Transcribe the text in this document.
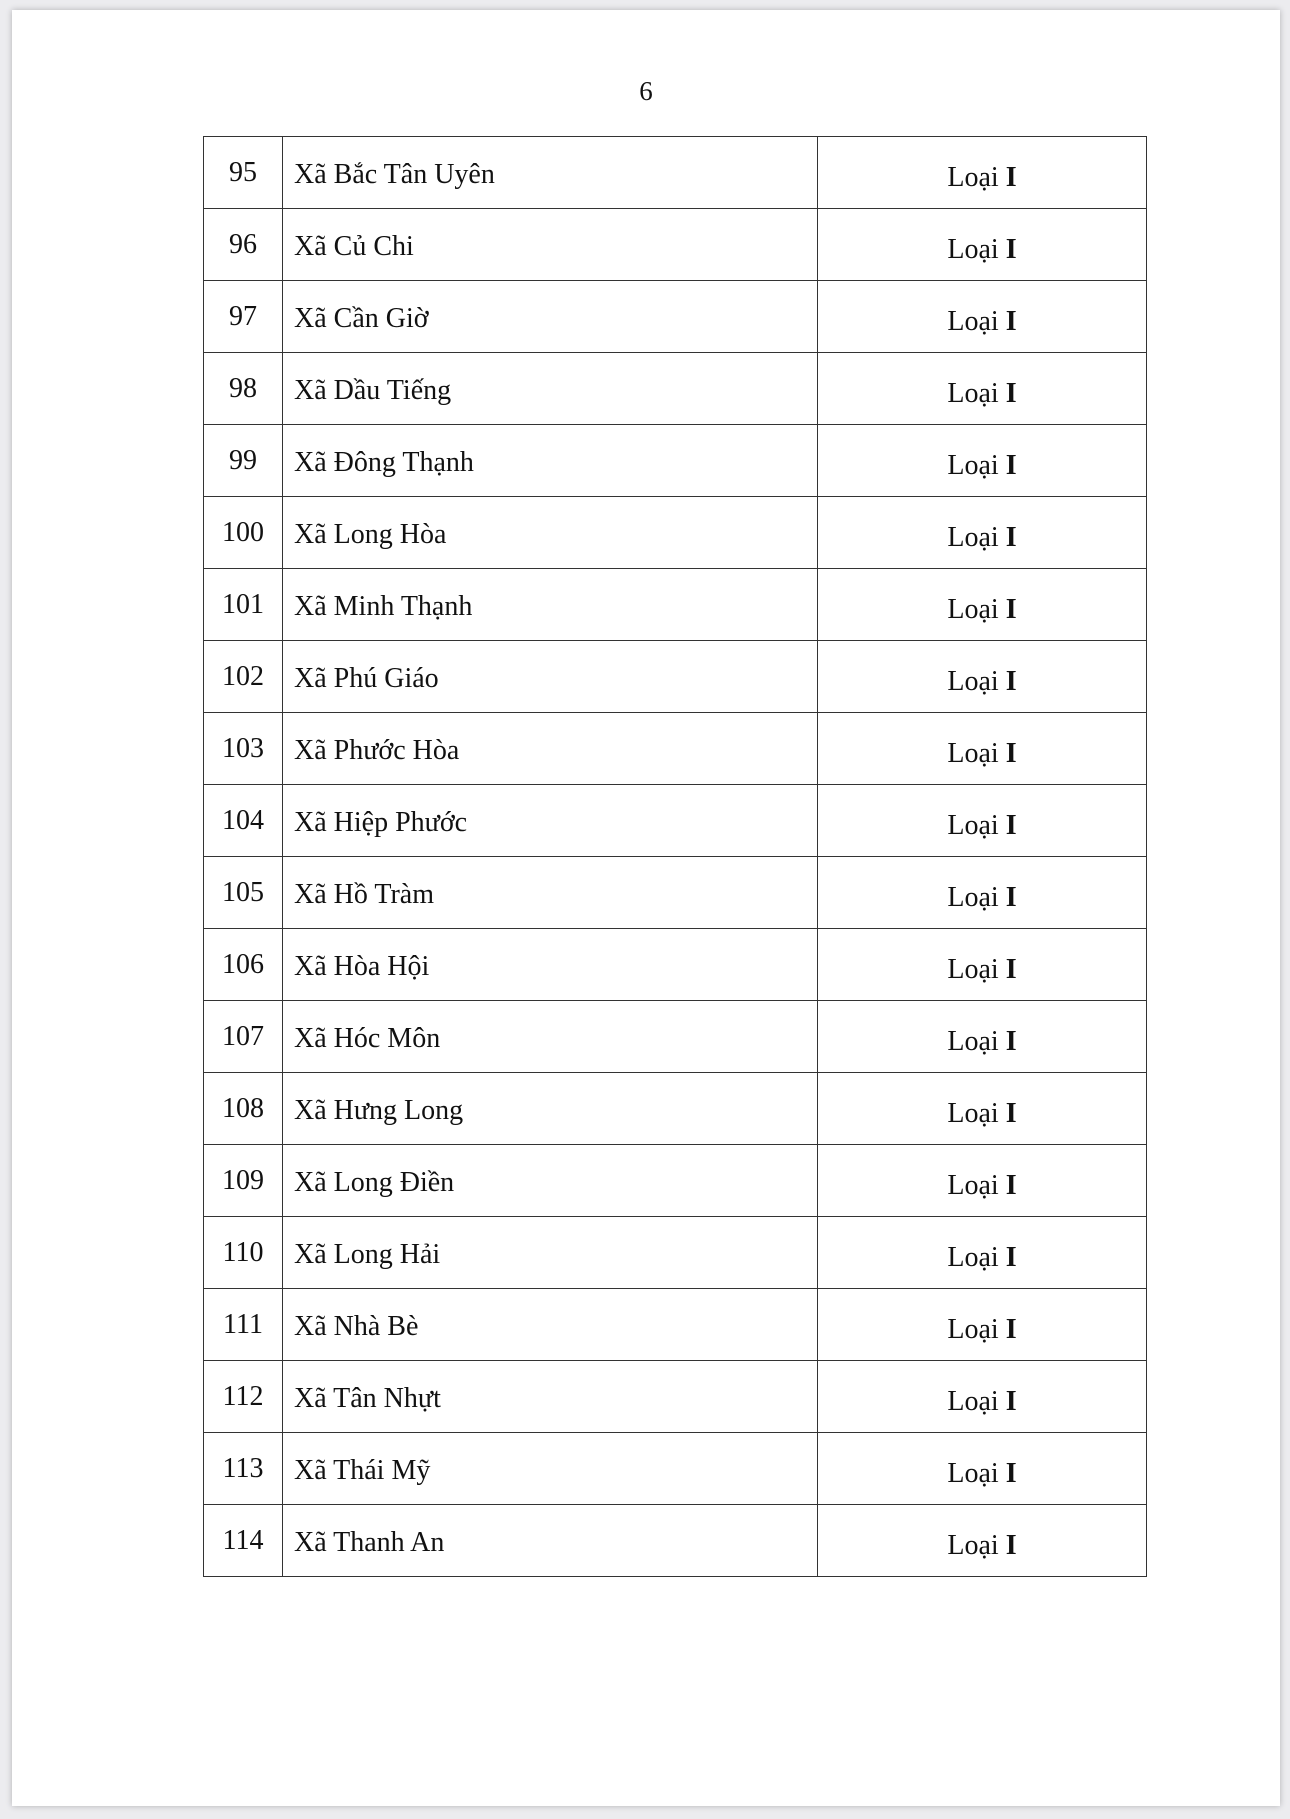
6
95	Xã Bắc Tân Uyên	Loại I
96	Xã Củ Chi	Loại I
97	Xã Cần Giờ	Loại I
98	Xã Dầu Tiếng	Loại I
99	Xã Đông Thạnh	Loại I
100	Xã Long Hòa	Loại I
101	Xã Minh Thạnh	Loại I
102	Xã Phú Giáo	Loại I
103	Xã Phước Hòa	Loại I
104	Xã Hiệp Phước	Loại I
105	Xã Hồ Tràm	Loại I
106	Xã Hòa Hội	Loại I
107	Xã Hóc Môn	Loại I
108	Xã Hưng Long	Loại I
109	Xã Long Điền	Loại I
110	Xã Long Hải	Loại I
111	Xã Nhà Bè	Loại I
112	Xã Tân Nhựt	Loại I
113	Xã Thái Mỹ	Loại I
114	Xã Thanh An	Loại I
